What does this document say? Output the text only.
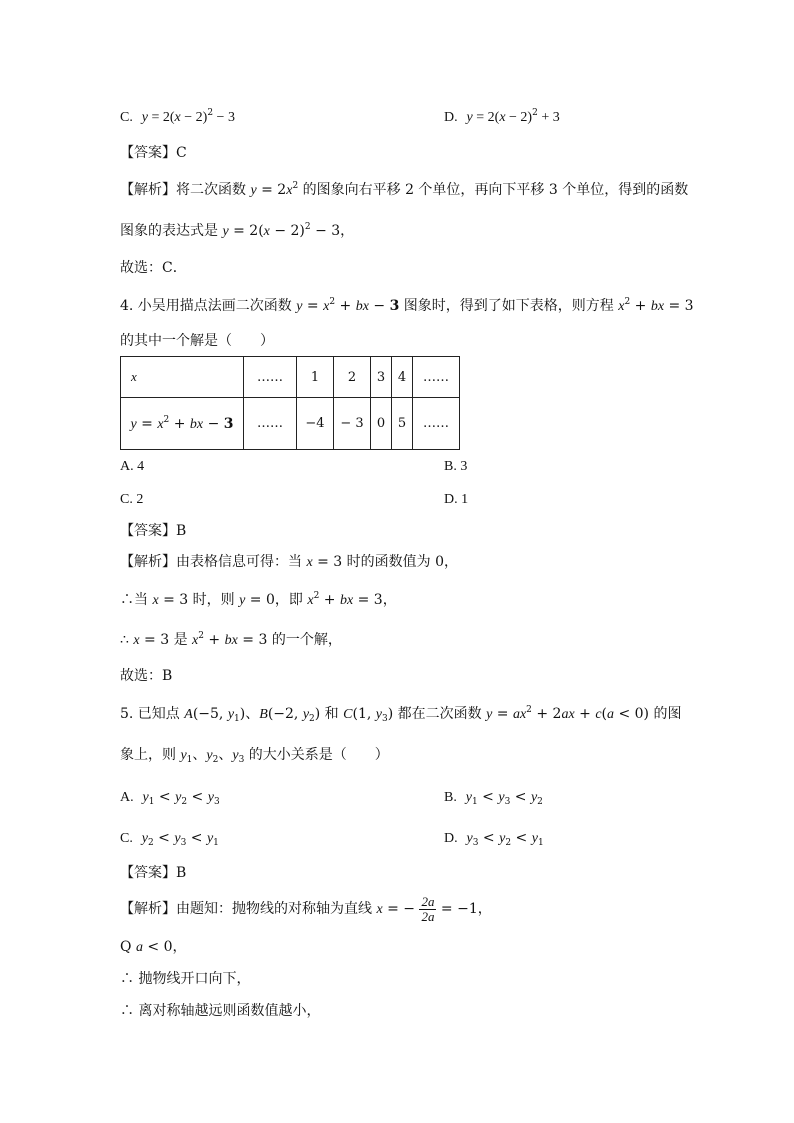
C. $y = 2(x - 2)^2 - 3$	D. $y = 2(x - 2)^2 + 3$
【答案】C
【解析】将二次函数 $y = 2x^2$ 的图象向右平移 2 个单位，再向下平移 3 个单位，得到的函数
图象的表达式是 $y = 2(x - 2)^2 - 3$，
故选：C．
4. 小吴用描点法画二次函数 $y = x^2$ + bx − 3 图象时，得到了如下表格，则方程 $x^2$ + bx = 3
的其中一个解是（　　）
x	……	1	2	3	4	……
$y = x^2$ + bx − 3	……	−4	− 3	0	5	……
A. 4	B. 3
C. 2	D. 1
【答案】B
【解析】由表格信息可得：当 x = 3 时的函数值为 0，
∴当 x = 3 时，则 y = 0，即 $x^2$ + bx = 3，
∴ x = 3 是 $x^2$ + bx = 3 的一个解，
故选：B
5. 已知点 A(−5, $y_1$)、B(−2, $y_2$) 和 C(1, $y_3$) 都在二次函数 $y = ax^2 + 2ax + c(a < 0)$ 的图
象上，则 $y_1$、$y_2$、$y_3$ 的大小关系是（　　）
A. $y_1 < y_2 < y_3$	B. $y_1 < y_3 < y_2$
C. $y_2 < y_3 < y_1$	D. $y_3 < y_2 < y_1$
【答案】B
【解析】由题知：抛物线的对称轴为直线 x = − $\frac{2a}{2a} = -1$，
Q a < 0，
∴ 抛物线开口向下，
∴ 离对称轴越远则函数值越小，
